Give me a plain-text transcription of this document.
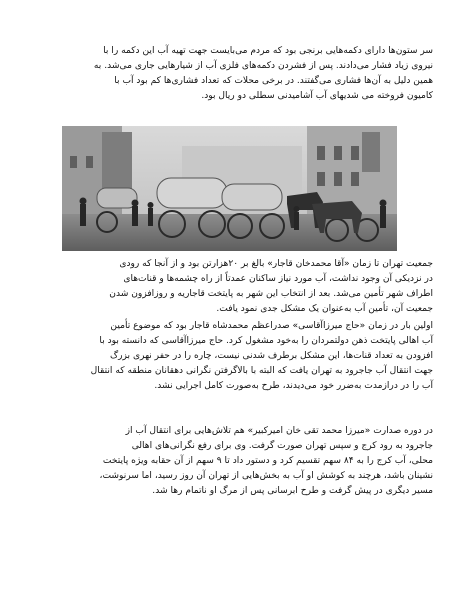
سر ستون‌ها دارای دکمه‌هایی برنجی بود که مردم می‌بایست جهت تهیه آب این دکمه را با
نیروی زیاد فشار می‌دادند. پس از فشردن دکمه‌های فلزی آب از شیارهایی جاری می‌شد. به
همین دلیل به آن‌ها فشاری می‌گفتند. در برخی محلات که تعداد فشاری‌ها کم بود آب با
کامیون فروخته می شدیهای آب آشامیدنی سطلی دو ریال بود.

جمعیت تهران تا زمان «آقا محمدخان قاجار» بالغ بر ۲۰هزارتن بود و از آنجا که رودی
در نزدیکی آن وجود نداشت، آب مورد نیاز ساکنان عمدتاً از راه چشمه‌ها و قنات‌های
اطراف شهر تأمین می‌شد. بعد از انتخاب این شهر به پایتخت قاجاریه و روزافزون شدن
جمعیت آن، تأمین آب به‌عنوان یک مشکل جدی نمود یافت.

اولین بار در زمان «حاج میرزاآقاسی» صدراعظم محمدشاه قاجار بود که موضوع تأمین
آب اهالی پایتخت ذهن دولتمردان را به‌خود مشغول کرد. حاج میرزاآقاسی که دانسته بود با
افزودن به تعداد قنات‌ها، این مشکل برطرف شدنی نیست، چاره را در حفر نهری بزرگ
جهت انتقال آب جاجرود به تهران یافت که البته با بالاگرفتن نگرانی دهقانان منطقه که انتقال
آب را در درازمدت به‌ضرر خود می‌دیدند، طرح به‌صورت کامل اجرایی نشد.

در دوره صدارت «میرزا محمد تقی خان امیرکبیر» هم تلاش‌هایی برای انتقال آب از
جاجرود به رود کرج و سپس تهران صورت گرفت. وی برای رفع نگرانی‌های اهالی
محلی، آب کرج را به ۸۴ سهم تقسیم کرد و دستور داد تا ۹ سهم از آن حقابه ویژه پایتخت
نشینان باشد، هرچند به کوشش او آب به بخش‌هایی از تهران آن روز رسید، اما سرنوشت،
مسیر دیگری در پیش گرفت و طرح ابرسانی پس از مرگ او ناتمام رها شد.
